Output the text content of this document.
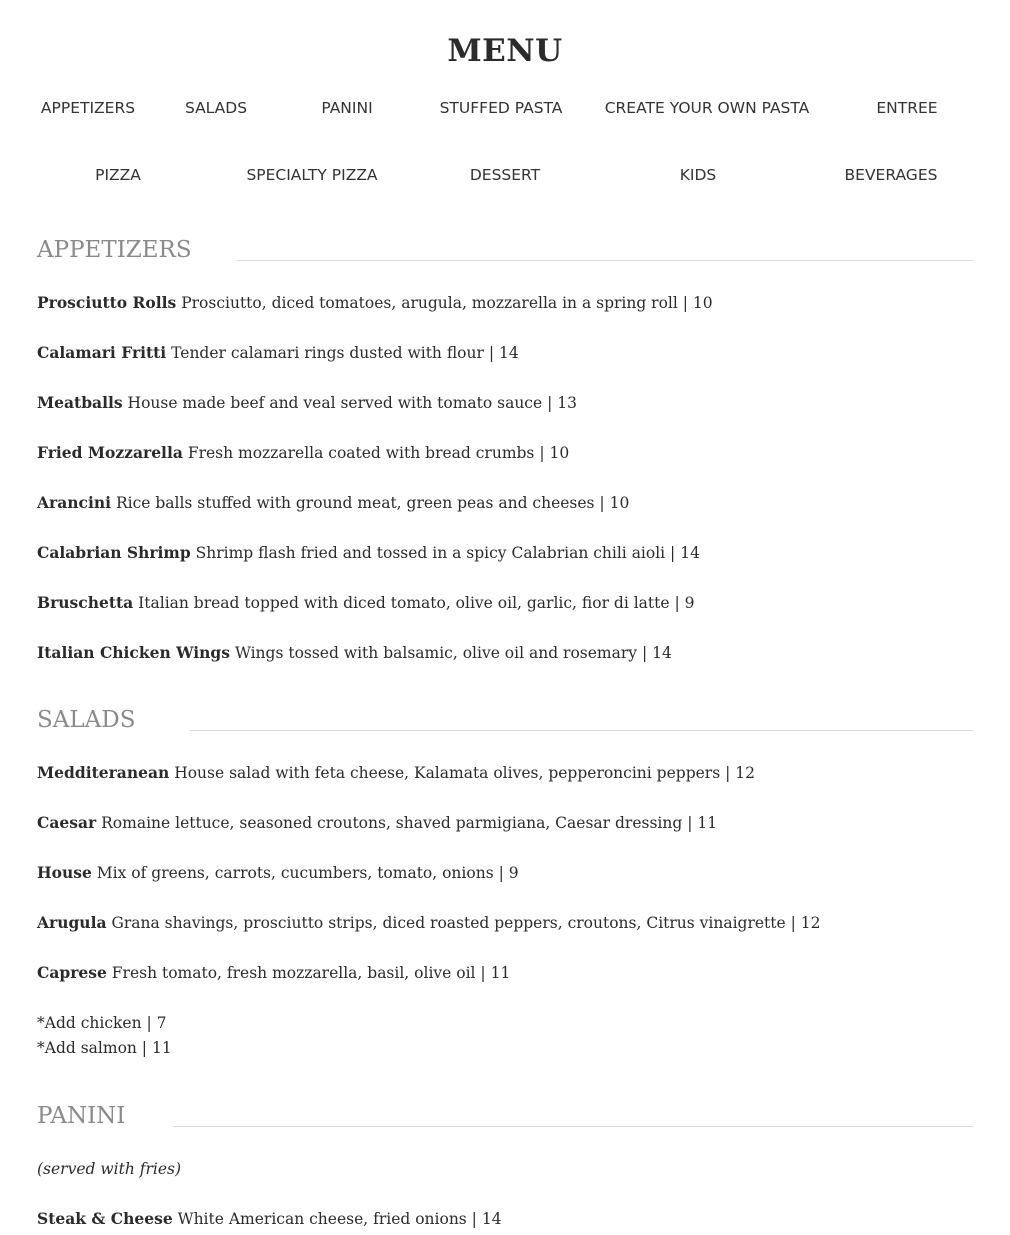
MENU
APPETIZERS	SALADS	PANINI	STUFFED PASTA	CREATE YOUR OWN PASTA	ENTREE
PIZZA	SPECIALTY PIZZA	DESSERT	KIDS	BEVERAGES
APPETIZERS
Prosciutto Rolls Prosciutto, diced tomatoes, arugula, mozzarella in a spring roll | 10
Calamari Fritti Tender calamari rings dusted with flour | 14
Meatballs House made beef and veal served with tomato sauce | 13
Fried Mozzarella Fresh mozzarella coated with bread crumbs | 10
Arancini Rice balls stuffed with ground meat, green peas and cheeses | 10
Calabrian Shrimp Shrimp flash fried and tossed in a spicy Calabrian chili aioli | 14
Bruschetta Italian bread topped with diced tomato, olive oil, garlic, fior di latte | 9
Italian Chicken Wings Wings tossed with balsamic, olive oil and rosemary | 14
SALADS
Medditeranean House salad with feta cheese, Kalamata olives, pepperoncini peppers | 12
Caesar Romaine lettuce, seasoned croutons, shaved parmigiana, Caesar dressing | 11
House Mix of greens, carrots, cucumbers, tomato, onions | 9
Arugula Grana shavings, prosciutto strips, diced roasted peppers, croutons, Citrus vinaigrette | 12
Caprese Fresh tomato, fresh mozzarella, basil, olive oil | 11
*Add chicken | 7
*Add salmon | 11
PANINI
(served with fries)
Steak & Cheese White American cheese, fried onions | 14
